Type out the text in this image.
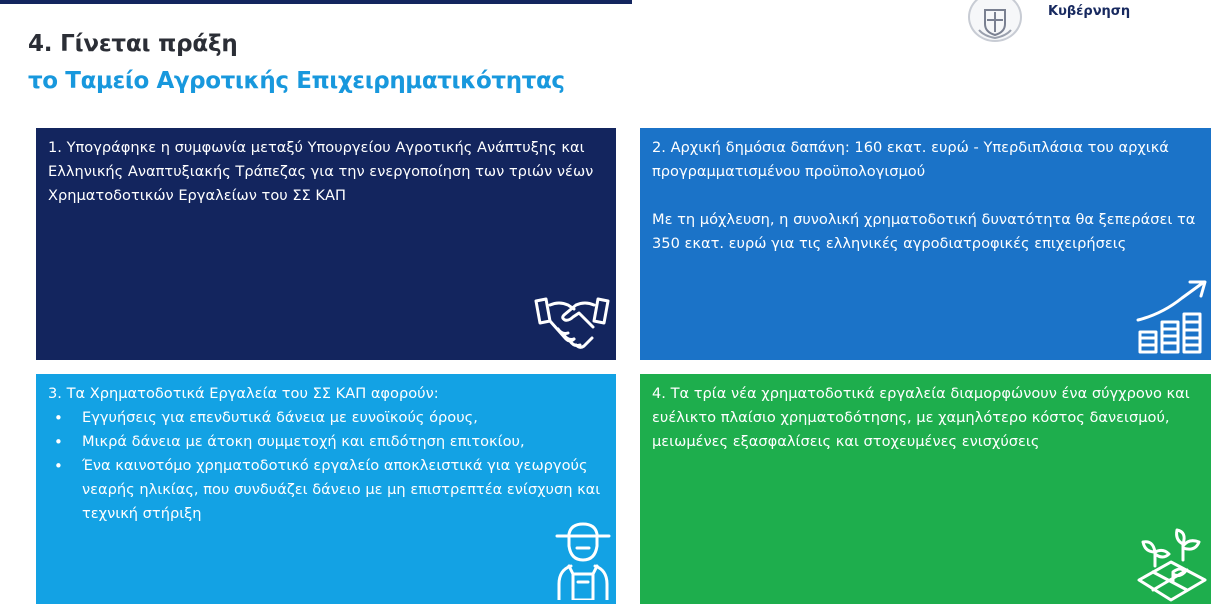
Κυβέρνηση
4. Γίνεται πράξη
το Ταμείο Αγροτικής Επιχειρηματικότητας

1. Υπογράφηκε η συμφωνία μεταξύ Υπουργείου Αγροτικής Ανάπτυξης και Ελληνικής Αναπτυξιακής Τράπεζας για την ενεργοποίηση των τριών νέων Χρηματοδοτικών Εργαλείων του ΣΣ ΚΑΠ

2. Αρχική δημόσια δαπάνη: 160 εκατ. ευρώ - Υπερδιπλάσια του αρχικά προγραμματισμένου προϋπολογισμού

Με τη μόχλευση, η συνολική χρηματοδοτική δυνατότητα θα ξεπεράσει τα 350 εκατ. ευρώ για τις ελληνικές αγροδιατροφικές επιχειρήσεις

3. Τα Χρηματοδοτικά Εργαλεία του ΣΣ ΚΑΠ αφορούν:

• Εγγυήσεις για επενδυτικά δάνεια με ευνοϊκούς όρους,
• Μικρά δάνεια με άτοκη συμμετοχή και επιδότηση επιτοκίου,
• Ένα καινοτόμο χρηματοδοτικό εργαλείο αποκλειστικά για γεωργούς νεαρής ηλικίας, που συνδυάζει δάνειο με μη επιστρεπτέα ενίσχυση και τεχνική στήριξη

4. Τα τρία νέα χρηματοδοτικά εργαλεία διαμορφώνουν ένα σύγχρονο και ευέλικτο πλαίσιο χρηματοδότησης, με χαμηλότερο κόστος δανεισμού, μειωμένες εξασφαλίσεις και στοχευμένες ενισχύσεις
